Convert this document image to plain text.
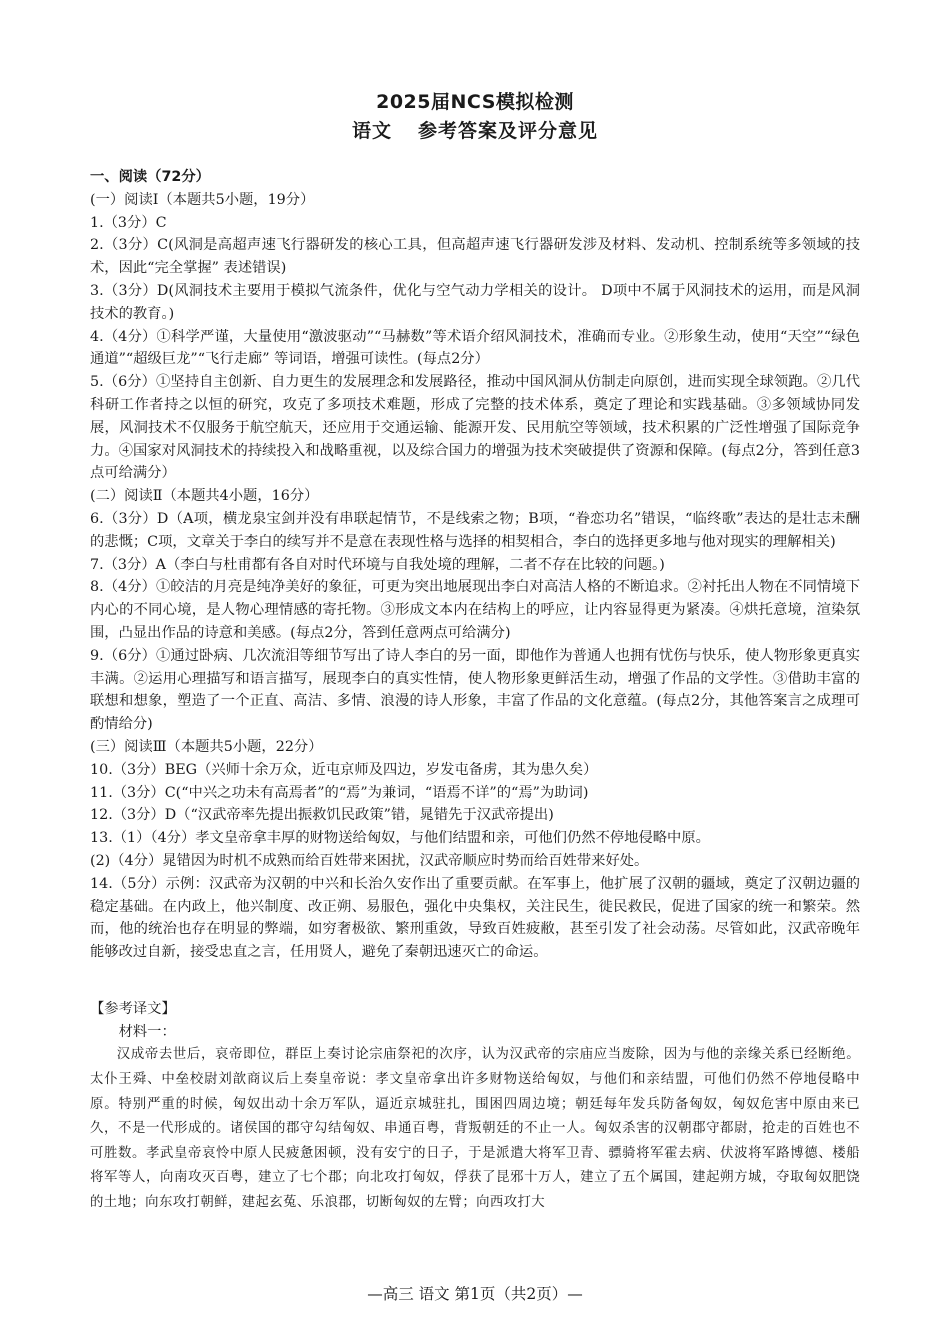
2025届NCS模拟检测
语文 参考答案及评分意见

一、阅读（72分）

(一）阅读Ⅰ（本题共5小题，19分）

1.（3分）C

2.（3分）C(风洞是高超声速飞行器研发的核心工具，但高超声速飞行器研发涉及材料、发动机、控制系统等多领域的技术，因此“完全掌握” 表述错误)

3.（3分）D(风洞技术主要用于模拟气流条件，优化与空气动力学相关的设计。 D项中不属于风洞技术的运用，而是风洞技术的教育。)

4.（4分）①科学严谨，大量使用“激波驱动”“马赫数”等术语介绍风洞技术，准确而专业。②形象生动，使用“天空”“绿色通道”“超级巨龙”“飞行走廊” 等词语，增强可读性。(每点2分）

5.（6分）①坚持自主创新、自力更生的发展理念和发展路径，推动中国风洞从仿制走向原创，进而实现全球领跑。②几代科研工作者持之以恒的研究，攻克了多项技术难题，形成了完整的技术体系，奠定了理论和实践基础。③多领域协同发展，风洞技术不仅服务于航空航天，还应用于交通运输、能源开发、民用航空等领域，技术积累的广泛性增强了国际竞争力。④国家对风洞技术的持续投入和战略重视，以及综合国力的增强为技术突破提供了资源和保障。(每点2分，答到任意3点可给满分）

(二）阅读Ⅱ（本题共4小题，16分）

6.（3分）D（A项，横龙泉宝剑并没有串联起情节，不是线索之物；B项，“眷恋功名”错误，“临终歌”表达的是壮志未酬的悲慨；C项，文章关于李白的续写并不是意在表现性格与选择的相契相合，李白的选择更多地与他对现实的理解相关)

7.（3分）A（李白与杜甫都有各自对时代环境与自我处境的理解，二者不存在比较的问题。)

8.（4分）①皎洁的月亮是纯净美好的象征，可更为突出地展现出李白对高洁人格的不断追求。②衬托出人物在不同情境下内心的不同心境，是人物心理情感的寄托物。③形成文本内在结构上的呼应，让内容显得更为紧凑。④烘托意境，渲染氛围，凸显出作品的诗意和美感。(每点2分，答到任意两点可给满分)

9.（6分）①通过卧病、几次流泪等细节写出了诗人李白的另一面，即他作为普通人也拥有忧伤与快乐，使人物形象更真实丰满。②运用心理描写和语言描写，展现李白的真实性情，使人物形象更鲜活生动，增强了作品的文学性。③借助丰富的联想和想象，塑造了一个正直、高洁、多情、浪漫的诗人形象，丰富了作品的文化意蕴。(每点2分，其他答案言之成理可酌情给分)

(三）阅读Ⅲ（本题共5小题，22分）

10.（3分）BEG（兴师十余万众，近屯京师及四边，岁发屯备虏，其为患久矣）

11.（3分）C(“中兴之功未有高焉者”的“焉”为兼词，“语焉不详”的“焉”为助词)

12.（3分）D（“汉武帝率先提出振救饥民政策”错，晁错先于汉武帝提出)

13.（1）（4分）孝文皇帝拿丰厚的财物送给匈奴，与他们结盟和亲，可他们仍然不停地侵略中原。

(2)（4分）晁错因为时机不成熟而给百姓带来困扰，汉武帝顺应时势而给百姓带来好处。

14.（5分）示例：汉武帝为汉朝的中兴和长治久安作出了重要贡献。在军事上，他扩展了汉朝的疆域，奠定了汉朝边疆的稳定基础。在内政上，他兴制度、改正朔、易服色，强化中央集权，关注民生，徙民救民，促进了国家的统一和繁荣。然而，他的统治也存在明显的弊端，如穷奢极欲、繁刑重敛，导致百姓疲敝，甚至引发了社会动荡。尽管如此，汉武帝晚年能够改过自新，接受忠直之言，任用贤人，避免了秦朝迅速灭亡的命运。

【参考译文】

材料一：

汉成帝去世后，哀帝即位，群臣上奏讨论宗庙祭祀的次序，认为汉武帝的宗庙应当废除，因为与他的亲缘关系已经断绝。太仆王舜、中垒校尉刘歆商议后上奏皇帝说：孝文皇帝拿出许多财物送给匈奴，与他们和亲结盟，可他们仍然不停地侵略中原。特别严重的时候，匈奴出动十余万军队，逼近京城驻扎，围困四周边境；朝廷每年发兵防备匈奴，匈奴危害中原由来已久，不是一代形成的。诸侯国的郡守勾结匈奴、串通百粤，背叛朝廷的不止一人。匈奴杀害的汉朝郡守都尉，抢走的百姓也不可胜数。孝武皇帝哀怜中原人民疲惫困顿，没有安宁的日子，于是派遣大将军卫青、骠骑将军霍去病、伏波将军路博德、楼船将军等人，向南攻灭百粤，建立了七个郡；向北攻打匈奴，俘获了昆邪十万人，建立了五个属国，建起朔方城，夺取匈奴肥饶的土地；向东攻打朝鲜，建起玄菟、乐浪郡，切断匈奴的左臂；向西攻打大

—高三 语文 第1页（共2页）—
